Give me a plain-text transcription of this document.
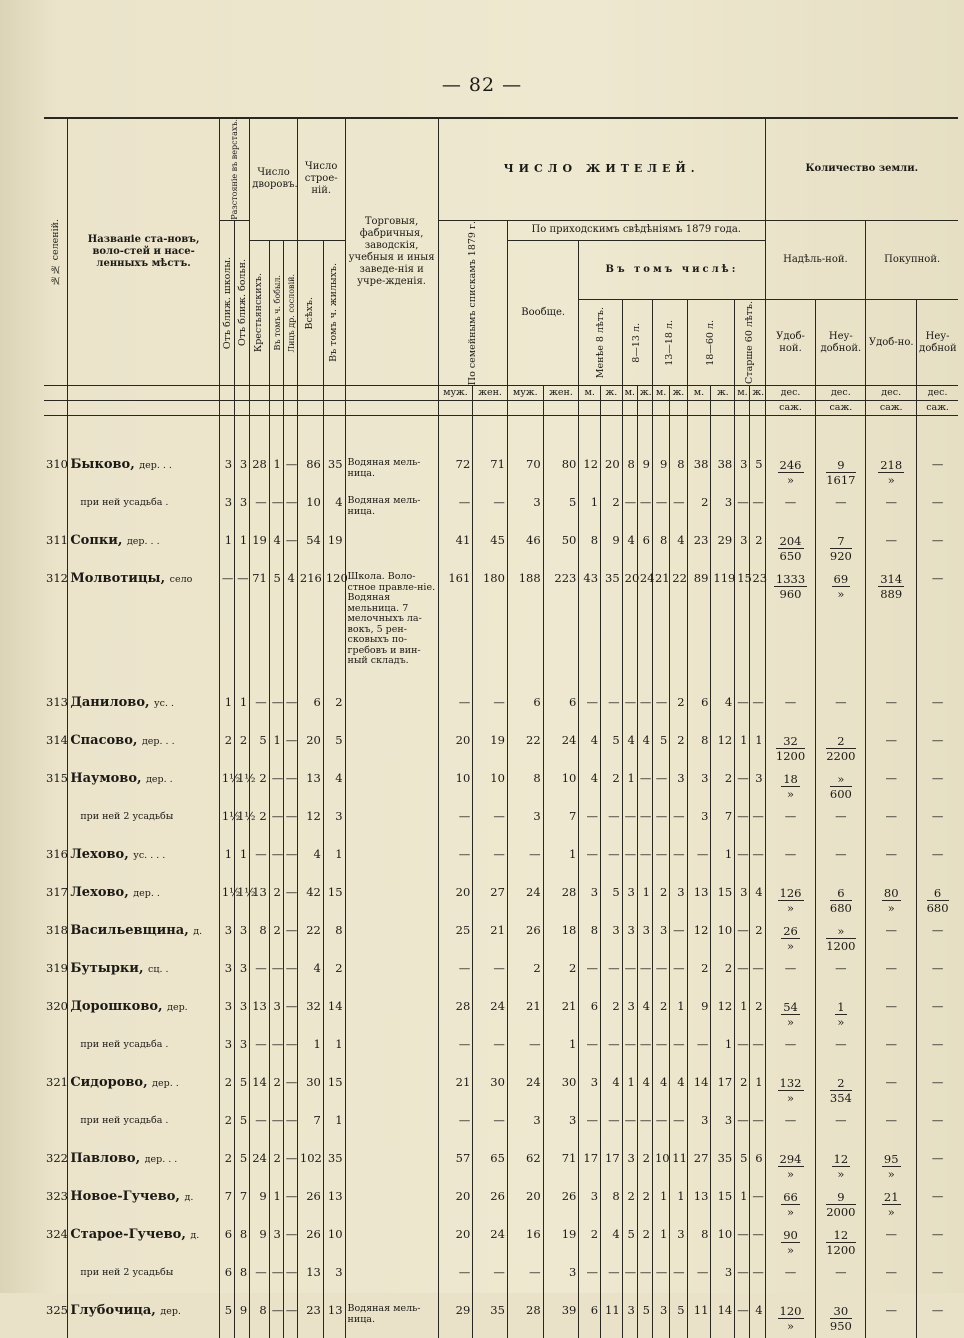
— 82 —
№№ селеній.	Названіе ста-новъ, воло-стей и насе-ленныхъ мѣстъ.	Разстояніе въ верстахъ.		Число дворовъ.			Число строе-ній.		Торговыя, фабричныя, заводскія, учебныя и иныя заведе-нія и учре-жденія.	ЧИСЛО ЖИТЕЛЕЙ.														Количество земли.			

		Отъ ближ. школы.	Отъ ближ. больн.							По семейнымъ спискамъ 1879 г.		По приходскимъ свѣдѣніямъ 1879 года.												Надѣль-ной.		Покупной.	

				Крестьянскихъ.	Въ томъ ч. бобыл.	Лицъ др. сословій.	Всѣхъ.	Въ томъ ч. жилыхъ.				Вообще.		Въ томъ числѣ:													

														Менѣе 8 лѣтъ.		8—13 л.		13—18 л.		18—60 л.		Старше 60 лѣтъ.		Удоб-ной.	Неу-добной.	Удоб-но.	Неу-добной
										муж.	жен.	муж.	жен.	м.	ж.	м.	ж.	м.	ж.	м.	ж.	м.	ж.	дес.	дес.	дес.	дес.
																								саж.	саж.	саж.	саж.

310	Быково, дер. . .	3	3	28	1	—	86	35	Водяная мель-ница.	72	71	70	80	12	20	8	9	9	8	38	38	3	5	$\frac{246}{»}$	$\frac{9}{1617}$	$\frac{218}{»}$	—
	при ней усадьба .	3	3	—	—	—	10	4	Водяная мель-ница.	—	—	3	5	1	2	—	—	—	—	2	3	—	—	—	—	—	—
311	Сопки, дер. . .	1	1	19	4	—	54	19		41	45	46	50	8	9	4	6	8	4	23	29	3	2	$\frac{204}{650}$	$\frac{7}{920}$	—	—
312	Молвотицы, село	—	—	71	5	4	216	120	Школа. Воло-стное правле-ніе. Водяная мельница. 7 мелочныхъ ла-вокъ, 5 рен-сковыхъ по-гребовъ и вин-ный складъ.	161	180	188	223	43	35	20	24	21	22	89	119	15	23	$\frac{1333}{960}$	$\frac{69}{»}$	$\frac{314}{889}$	—
313	Данилово, ус. .	1	1	—	—	—	6	2		—	—	6	6	—	—	—	—	—	2	6	4	—	—	—	—	—	—
314	Спасово, дер. . .	2	2	5	1	—	20	5		20	19	22	24	4	5	4	4	5	2	8	12	1	1	$\frac{32}{1200}$	$\frac{2}{2200}$	—	—
315	Наумово, дер. .	1½	1½	2	—	—	13	4		10	10	8	10	4	2	1	—	—	3	3	2	—	3	$\frac{18}{»}$	$\frac{»}{600}$	—	—
	при ней 2 усадьбы	1½	1½	2	—	—	12	3		—	—	3	7	—	—	—	—	—	—	3	7	—	—	—	—	—	—
316	Лехово, ус. . . .	1	1	—	—	—	4	1		—	—	—	1	—	—	—	—	—	—	—	1	—	—	—	—	—	—
317	Лехово, дер. .	1½	1½	13	2	—	42	15		20	27	24	28	3	5	3	1	2	3	13	15	3	4	$\frac{126}{»}$	$\frac{6}{680}$	$\frac{80}{»}$	$\frac{6}{680}$

318	Васильевщина, д.	3	3	8	2	—	22	8		25	21	26	18	8	3	3	3	3	—	12	10	—	2	$\frac{26}{»}$	$\frac{»}{1200}$	—	—
319	Бутырки, сц. .	3	3	—	—	—	4	2		—	—	2	2	—	—	—	—	—	—	2	2	—	—	—	—	—	—
320	Дорошково, дер.	3	3	13	3	—	32	14		28	24	21	21	6	2	3	4	2	1	9	12	1	2	$\frac{54}{»}$	$\frac{1}{»}$	—	—
	при ней усадьба .	3	3	—	—	—	1	1		—	—	—	1	—	—	—	—	—	—	—	1	—	—	—	—	—	—
321	Сидорово, дер. .	2	5	14	2	—	30	15		21	30	24	30	3	4	1	4	4	4	14	17	2	1	$\frac{132}{»}$	$\frac{2}{354}$	—	—
	при ней усадьба .	2	5	—	—	—	7	1		—	—	3	3	—	—	—	—	—	—	3	3	—	—	—	—	—	—
322	Павлово, дер. . .	2	5	24	2	—	102	35		57	65	62	71	17	17	3	2	10	11	27	35	5	6	$\frac{294}{»}$	$\frac{12}{»}$	$\frac{95}{»}$	—
323	Новое-Гучево, д.	7	7	9	1	—	26	13		20	26	20	26	3	8	2	2	1	1	13	15	1	—	$\frac{66}{»}$	$\frac{9}{2000}$	$\frac{21}{»}$	—
324	Старое-Гучево, д.	6	8	9	3	—	26	10		20	24	16	19	2	4	5	2	1	3	8	10	—	—	$\frac{90}{»}$	$\frac{12}{1200}$	—	—
	при ней 2 усадьбы	6	8	—	—	—	13	3		—	—	—	3	—	—	—	—	—	—	—	3	—	—	—	—	—	—
325	Глубочица, дер.	5	9	8	—	—	23	13	Водяная мель-ница.	29	35	28	39	6	11	3	5	3	5	11	14	—	4	$\frac{120}{»}$	$\frac{30}{950}$	—	—
